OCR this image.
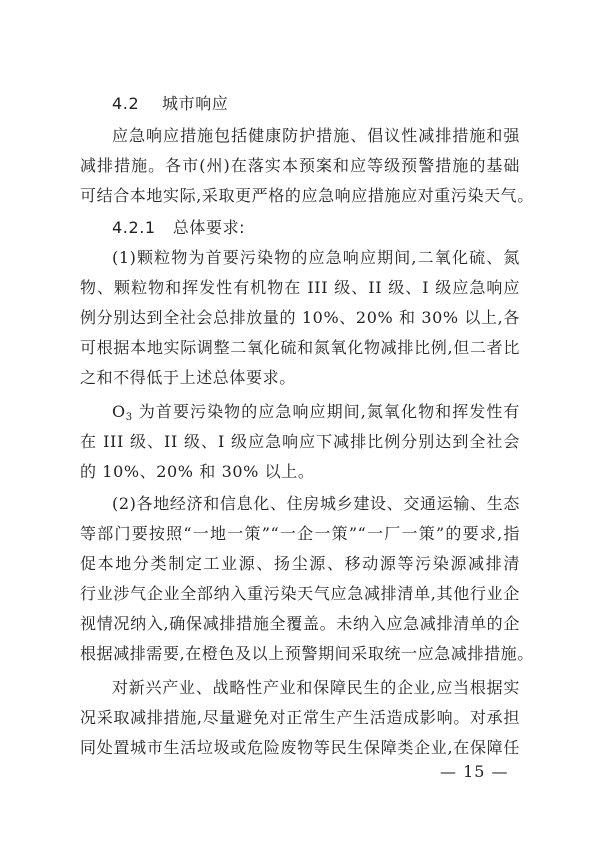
4.2 城市响应
应急响应措施包括健康防护措施、倡议性减排措施和强
减排措施。各市(州)在落实本预案和应等级预警措施的基础
可结合本地实际,采取更严格的应急响应措施应对重污染天气。
4.2.1 总体要求:
(1)颗粒物为首要污染物的应急响应期间,二氧化硫、氮
物、颗粒物和挥发性有机物在 III 级、II 级、I 级应急响应
例分别达到全社会总排放量的 10%、20% 和 30% 以上,各
可根据本地实际调整二氧化硫和氮氧化物减排比例,但二者比
之和不得低于上述总体要求。
$O_3$ 为首要污染物的应急响应期间,氮氧化物和挥发性有
在 III 级、II 级、I 级应急响应下减排比例分别达到全社会
的 10%、20% 和 30% 以上。
(2)各地经济和信息化、住房城乡建设、交通运输、生态
等部门要按照“一地一策”“一企一策”“一厂一策”的要求,指
促本地分类制定工业源、扬尘源、移动源等污染源减排清
行业涉气企业全部纳入重污染天气应急减排清单,其他行业企
视情况纳入,确保减排措施全覆盖。未纳入应急减排清单的企
根据减排需要,在橙色及以上预警期间采取统一应急减排措施。
对新兴产业、战略性产业和保障民生的企业,应当根据实
况采取减排措施,尽量避免对正常生产生活造成影响。对承担
同处置城市生活垃圾或危险废物等民生保障类企业,在保障任
— 15 —
